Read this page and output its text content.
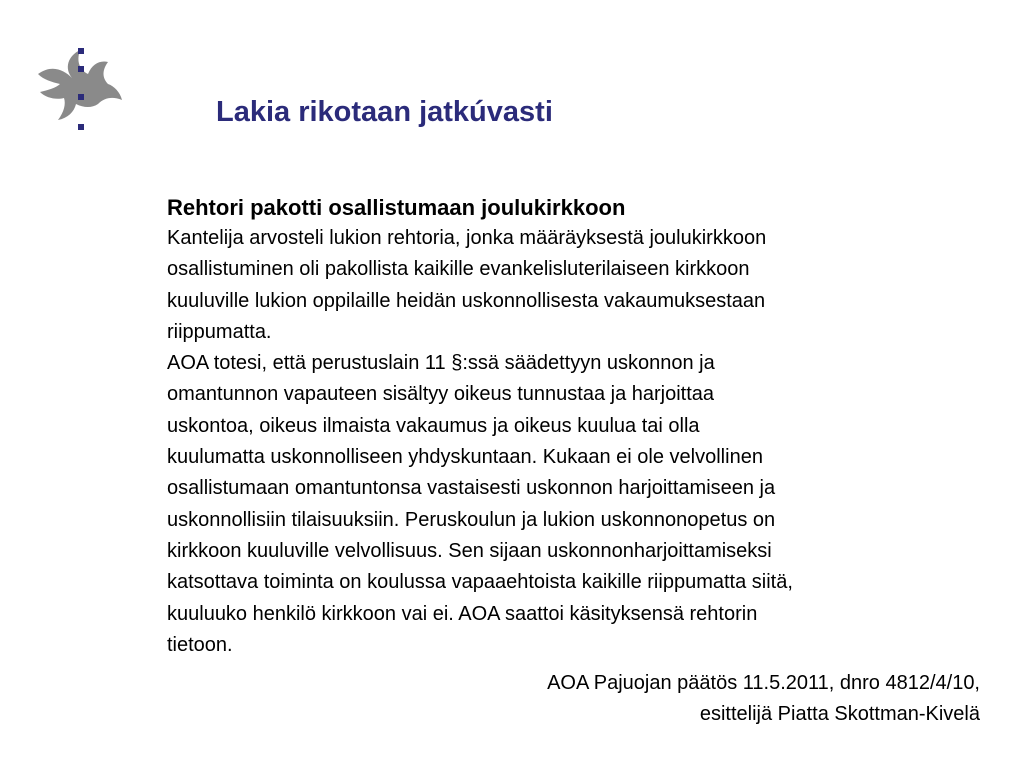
Lakia rikotaan jatkúvasti

Rehtori pakotti osallistumaan joulukirkkoon

Kantelija arvosteli lukion rehtoria, jonka määräyksestä joulukirkkoon
osallistuminen oli pakollista kaikille evankelisluterilaiseen kirkkoon
kuuluville lukion oppilaille heidän uskonnollisesta vakaumuksestaan
riippumatta.

AOA totesi, että perustuslain 11 §:ssä säädettyyn uskonnon ja
omantunnon vapauteen sisältyy oikeus tunnustaa ja harjoittaa
uskontoa, oikeus ilmaista vakaumus ja oikeus kuulua tai olla
kuulumatta uskonnolliseen yhdyskuntaan. Kukaan ei ole velvollinen
osallistumaan omantuntonsa vastaisesti uskonnon harjoittamiseen ja
uskonnollisiin tilaisuuksiin. Peruskoulun ja lukion uskonnonopetus on
kirkkoon kuuluville velvollisuus. Sen sijaan uskonnonharjoittamiseksi
katsottava toiminta on koulussa vapaaehtoista kaikille riippumatta siitä,
kuuluuko henkilö kirkkoon vai ei. AOA saattoi käsityksensä rehtorin
tietoon.

AOA Pajuojan päätös 11.5.2011, dnro 4812/4/10,
esittelijä Piatta Skottman-Kivelä
